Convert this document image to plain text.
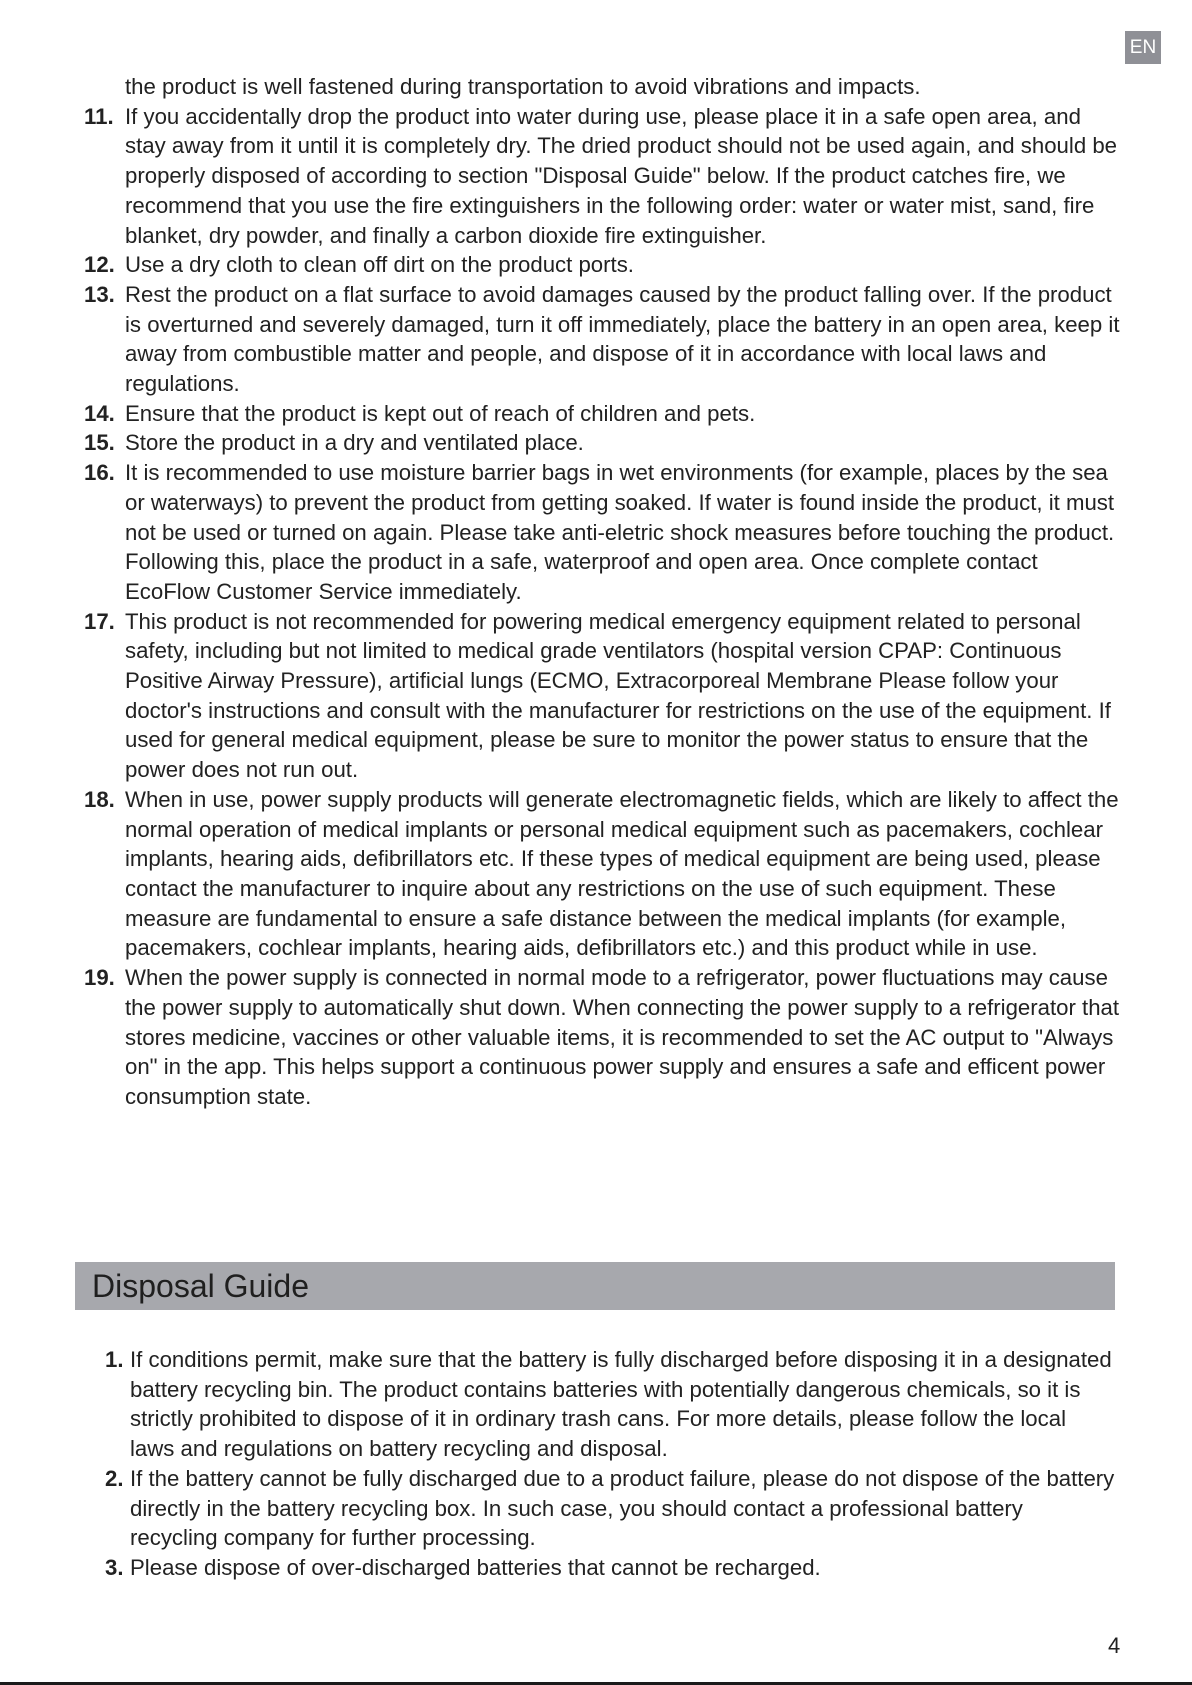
EN
the product is well fastened during transportation to avoid vibrations and impacts.
11. If you accidentally drop the product into water during use, please place it in a safe open area, and stay away from it until it is completely dry. The dried product should not be used again, and should be properly disposed of according to section "Disposal Guide" below. If the product catches fire, we recommend that you use the fire extinguishers in the following order: water or water mist, sand, fire blanket, dry powder, and finally a carbon dioxide fire extinguisher.
12. Use a dry cloth to clean off dirt on the product ports.
13. Rest the product on a flat surface to avoid damages caused by the product falling over. If the product is overturned and severely damaged, turn it off immediately, place the battery in an open area, keep it away from combustible matter and people, and dispose of it in accordance with local laws and regulations.
14. Ensure that the product is kept out of reach of children and pets.
15. Store the product in a dry and ventilated place.
16. It is recommended to use moisture barrier bags in wet environments (for example, places by the sea or waterways) to prevent the product from getting soaked. If water is found inside the product, it must not be used or turned on again. Please take anti-eletric shock measures before touching the product. Following this, place the product in a safe, waterproof and open area. Once complete contact EcoFlow Customer Service immediately.
17. This product is not recommended for powering medical emergency equipment related to personal safety, including but not limited to medical grade ventilators (hospital version CPAP: Continuous Positive Airway Pressure), artificial lungs (ECMO, Extracorporeal Membrane Please follow your doctor's instructions and consult with the manufacturer for restrictions on the use of the equipment. If used for general medical equipment, please be sure to monitor the power status to ensure that the power does not run out.
18. When in use, power supply products will generate electromagnetic fields, which are likely to affect the normal operation of medical implants or personal medical equipment such as pacemakers, cochlear implants, hearing aids, defibrillators etc. If these types of medical equipment are being used, please contact the manufacturer to inquire about any restrictions on the use of such equipment. These measure are fundamental to ensure a safe distance between the medical implants (for example, pacemakers, cochlear implants, hearing aids, defibrillators etc.) and this product while in use.
19. When the power supply is connected in normal mode to a refrigerator, power fluctuations may cause the power supply to automatically shut down. When connecting the power supply to a refrigerator that stores medicine, vaccines or other valuable items, it is recommended to set the AC output to "Always on" in the app. This helps support a continuous power supply and ensures a safe and efficent power consumption state.
Disposal Guide
1. If conditions permit, make sure that the battery is fully discharged before disposing it in a designated battery recycling bin. The product contains batteries with potentially dangerous chemicals, so it is strictly prohibited to dispose of it in ordinary trash cans. For more details, please follow the local laws and regulations on battery recycling and disposal.
2. If the battery cannot be fully discharged due to a product failure, please do not dispose of the battery directly in the battery recycling box. In such case, you should contact a professional battery recycling company for further processing.
3. Please dispose of over-discharged batteries that cannot be recharged.
4
